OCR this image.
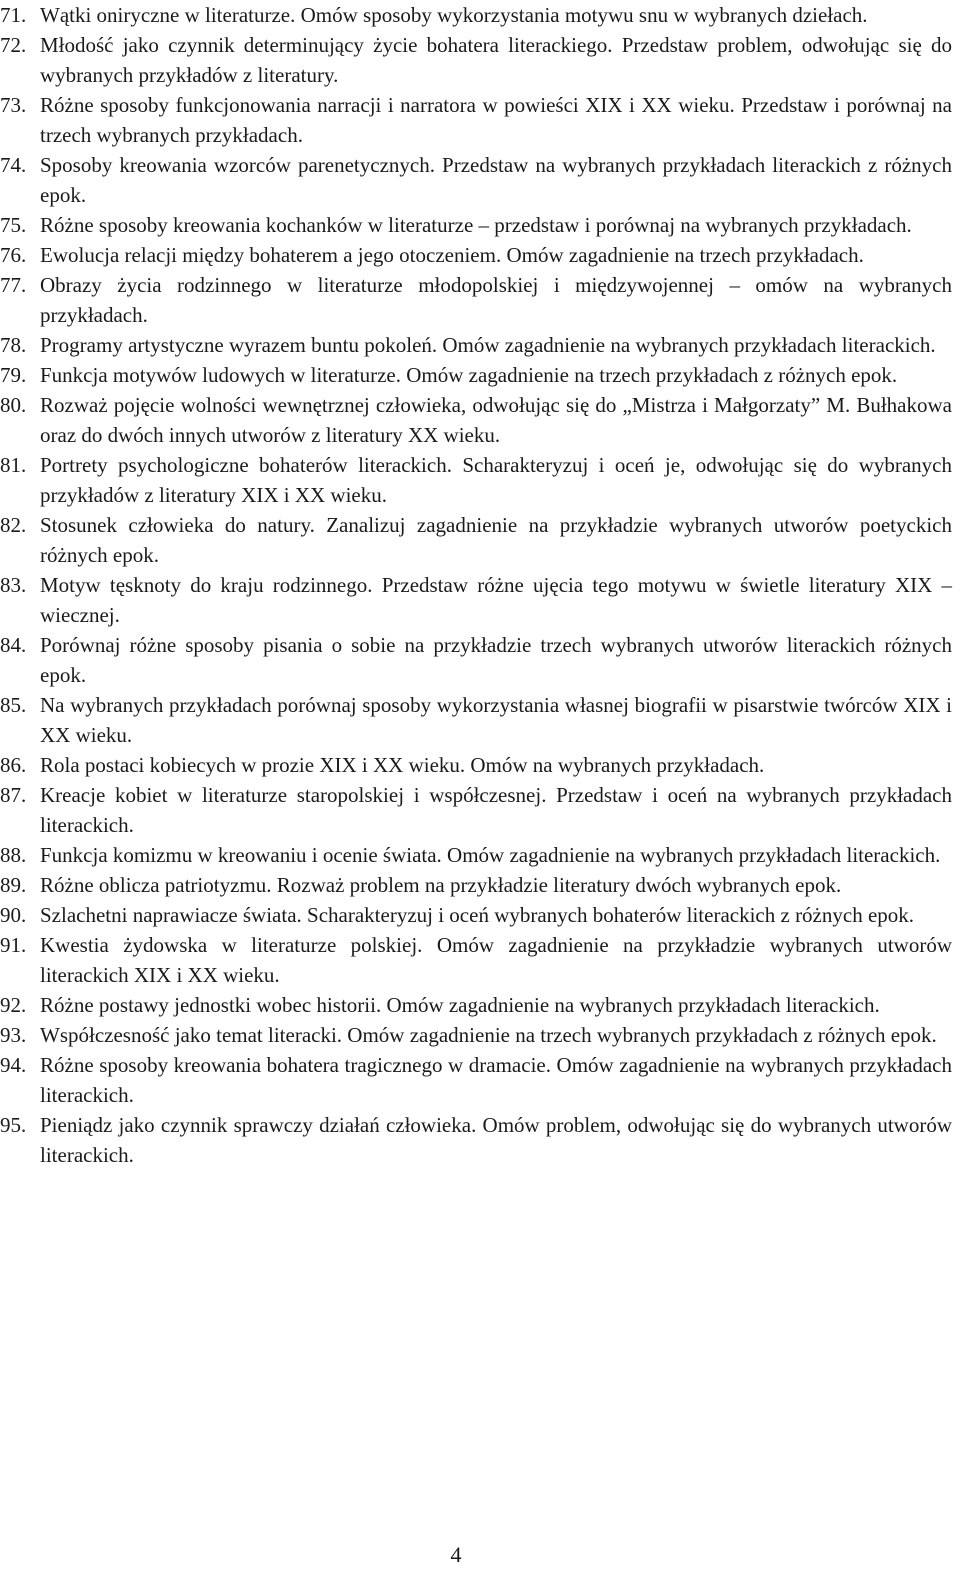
71. Wątki oniryczne w literaturze. Omów sposoby wykorzystania motywu snu w wybranych dziełach.
72. Młodość jako czynnik determinujący życie bohatera literackiego. Przedstaw problem, odwołując się do wybranych przykładów z literatury.
73. Różne sposoby funkcjonowania narracji i narratora w powieści XIX i XX wieku. Przedstaw i porównaj na trzech wybranych przykładach.
74. Sposoby kreowania wzorców parenetycznych. Przedstaw na wybranych przykładach literackich z różnych epok.
75. Różne sposoby kreowania kochanków w literaturze – przedstaw i porównaj na wybranych przykładach.
76. Ewolucja relacji między bohaterem a jego otoczeniem. Omów zagadnienie na trzech przykładach.
77. Obrazy życia rodzinnego w literaturze młodopolskiej i międzywojennej – omów na wybranych przykładach.
78. Programy artystyczne wyrazem buntu pokoleń. Omów zagadnienie na wybranych przykładach literackich.
79. Funkcja motywów ludowych w literaturze. Omów zagadnienie na trzech przykładach z różnych epok.
80. Rozważ pojęcie wolności wewnętrznej człowieka, odwołując się do „Mistrza i Małgorzaty” M. Bułhakowa oraz do dwóch innych utworów z literatury XX wieku.
81. Portrety psychologiczne bohaterów literackich. Scharakteryzuj i oceń je, odwołując się do wybranych przykładów z literatury XIX i XX wieku.
82. Stosunek człowieka do natury. Zanalizuj zagadnienie na przykładzie wybranych utworów poetyckich różnych epok.
83. Motyw tęsknoty do kraju rodzinnego. Przedstaw różne ujęcia tego motywu w świetle literatury XIX – wiecznej.
84. Porównaj różne sposoby pisania o sobie na przykładzie trzech wybranych utworów literackich różnych epok.
85. Na wybranych przykładach porównaj sposoby wykorzystania własnej biografii w pisarstwie twórców XIX i XX wieku.
86. Rola postaci kobiecych w prozie XIX i XX wieku. Omów na wybranych przykładach.
87. Kreacje kobiet w literaturze staropolskiej i współczesnej. Przedstaw i oceń na wybranych przykładach literackich.
88. Funkcja komizmu w kreowaniu i ocenie świata. Omów zagadnienie na wybranych przykładach literackich.
89. Różne oblicza patriotyzmu. Rozważ problem na przykładzie literatury dwóch wybranych epok.
90. Szlachetni naprawiacze świata. Scharakteryzuj i oceń wybranych bohaterów literackich z różnych epok.
91. Kwestia żydowska w literaturze polskiej. Omów zagadnienie na przykładzie wybranych utworów literackich XIX i XX wieku.
92. Różne postawy jednostki wobec historii. Omów zagadnienie na wybranych przykładach literackich.
93. Współczesność jako temat literacki. Omów zagadnienie na trzech wybranych przykładach z różnych epok.
94. Różne sposoby kreowania bohatera tragicznego w dramacie. Omów zagadnienie na wybranych przykładach literackich.
95. Pieniądz jako czynnik sprawczy działań człowieka. Omów problem, odwołując się do wybranych utworów literackich.
4
